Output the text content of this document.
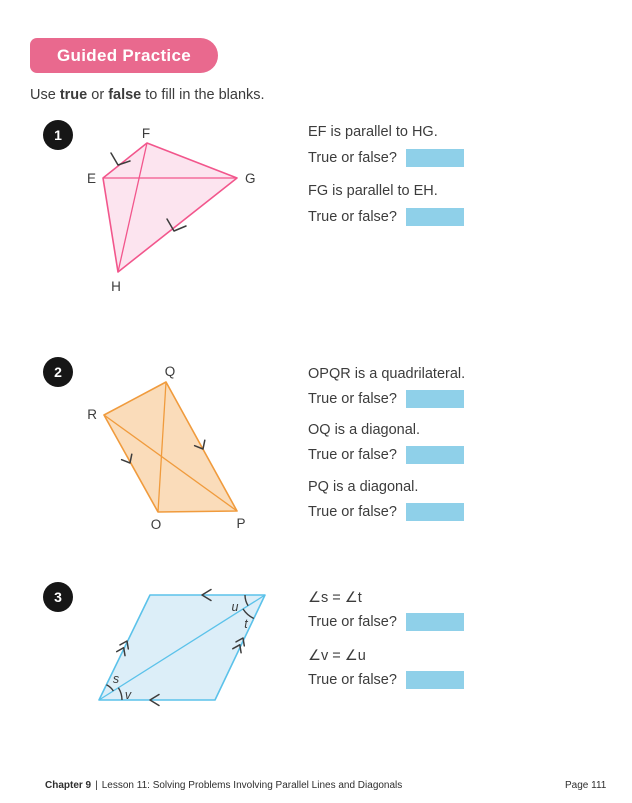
Guided Practice
Use true or false to fill in the blanks.
1	F
E	G
H
EF is parallel to HG.
True or false?
FG is parallel to EH.
True or false?
2	Q
R
O	P
OPQR is a quadrilateral.
True or false?
OQ is a diagonal.
True or false?
PQ is a diagonal.
True or false?
3
s
v
u
t
∠s = ∠t
True or false?
∠v = ∠u
True or false?
Chapter 9 | Lesson 11: Solving Problems Involving Parallel Lines and Diagonals	Page 111
